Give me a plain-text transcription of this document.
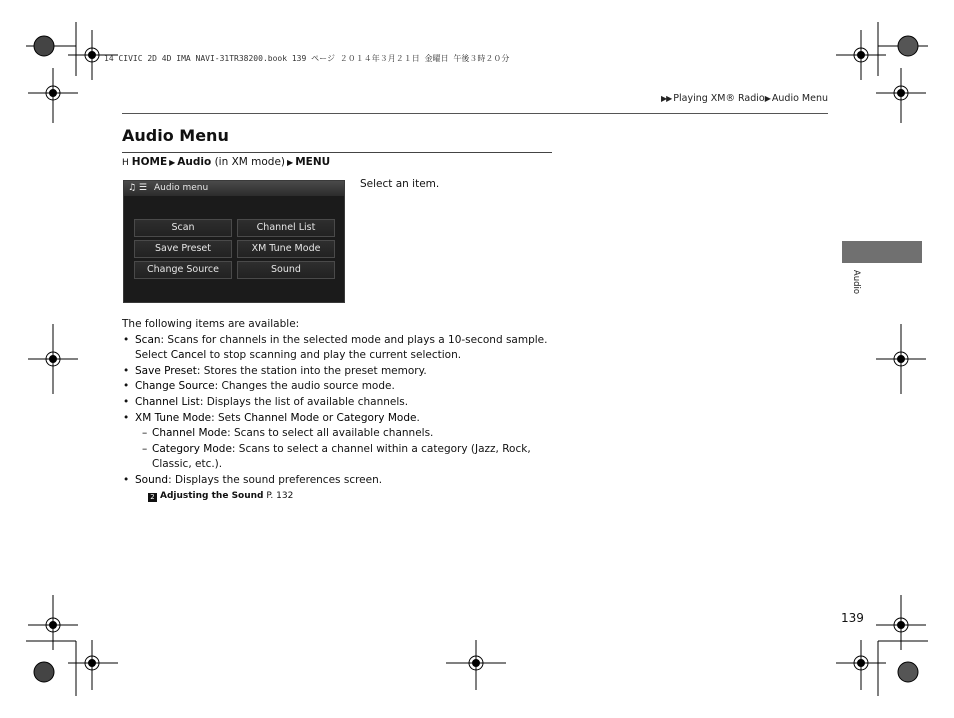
14 CIVIC 2D 4D IMA NAVI-31TR38200.book 139 ページ ２０１４年３月２１日 金曜日 午後３時２０分
▶▶ Playing XM® Radio▶ Audio Menu
Audio Menu
H HOME ▶ Audio (in XM mode) ▶ MENU
Audio
♫ ☰ Audio menu
Scan	Channel List
Save Preset	XM Tune Mode
Change Source	Sound
Select an item.

The following items are available:

• Scan: Scans for channels in the selected mode and plays a 10-second sample.
Select Cancel to stop scanning and play the current selection.
• Save Preset: Stores the station into the preset memory.
• Change Source: Changes the audio source mode.
• Channel List: Displays the list of available channels.
• XM Tune Mode: Sets Channel Mode or Category Mode.
– Channel Mode: Scans to select all available channels.
– Category Mode: Scans to select a channel within a category (Jazz, Rock,
Classic, etc.).
• Sound: Displays the sound preferences screen.
2 Adjusting the Sound P. 132
139
